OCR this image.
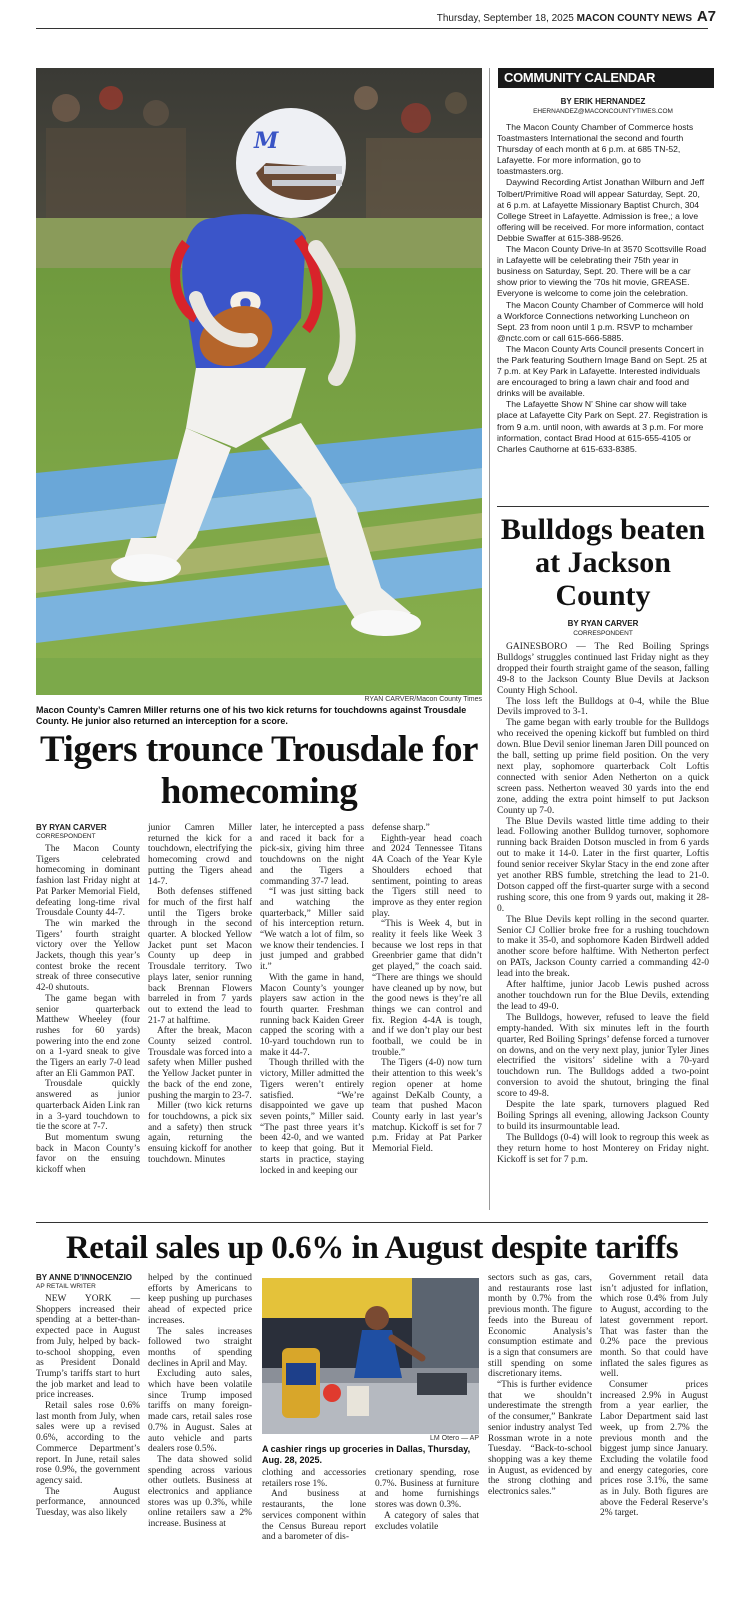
Thursday, September 18, 2025 MACON COUNTY NEWS A7
M
RYAN CARVER/Macon County Times
Macon County’s Camren Miller returns one of his two kick returns for touchdowns against Trousdale County. He junior also returned an interception for a score.
COMMUNITY CALENDAR
BY ERIK HERNANDEZ
EHERNANDEZ@MACONCOUNTYTIMES.COM

The Macon County Chamber of Commerce hosts Toastmasters International the second and fourth Thursday of each month at 6 p.m. at 685 TN-52, Lafayette. For more information, go to toastmasters.org.

Daywind Recording Artist Jonathan Wilburn and Jeff Tolbert/Primitive Road will appear Saturday, Sept. 20, at 6 p.m. at Lafayette Missionary Baptist Church, 304 College Street in Lafayette. Admission is free,; a love offering will be received. For more information, contact Debbie Swaffer at 615-388-9526.

The Macon County Drive-In at 3570 Scottsville Road in Lafayette will be celebrating their 75th year in business on Saturday, Sept. 20. There will be a car show prior to viewing the ’70s hit movie, GREASE. Everyone is welcome to come join the celebration.

The Macon County Chamber of Commerce will hold a Workforce Connections networking Luncheon on Sept. 23 from noon until 1 p.m. RSVP to mchamber @nctc.com or call 615-666-5885.

The Macon County Arts Council presents Concert in the Park featuring Southern Image Band on Sept. 25 at 7 p.m. at Key Park in Lafayette. Interested individuals are encouraged to bring a lawn chair and food and drinks will be available.

The Lafayette Show N’ Shine car show will take place at Lafayette City Park on Sept. 27. Registration is from 9 a.m. until noon, with awards at 3 p.m. For more information, contact Brad Hood at 615-655-4105 or Charles Cauthorne at 615-633-8385.

Bulldogs beaten at Jackson County
BY RYAN CARVER
CORRESPONDENT

GAINESBORO — The Red Boiling Springs Bulldogs’ struggles continued last Friday night as they dropped their fourth straight game of the season, falling 49-8 to the Jackson County Blue Devils at Jackson County High School.

The loss left the Bulldogs at 0-4, while the Blue Devils improved to 3-1.

The game began with early trouble for the Bulldogs who received the opening kickoff but fumbled on third down. Blue Devil senior lineman Jaren Dill pounced on the ball, setting up prime field position. On the very next play, sophomore quarterback Colt Loftis connected with senior Aden Netherton on a quick screen pass. Netherton weaved 30 yards into the end zone, adding the extra point himself to put Jackson County up 7-0.

The Blue Devils wasted little time adding to their lead. Following another Bulldog turnover, sophomore running back Braiden Dotson muscled in from 6 yards out to make it 14-0. Later in the first quarter, Loftis found senior receiver Skylar Stacy in the end zone after yet another RBS fumble, stretching the lead to 21-0. Dotson capped off the first-quarter surge with a second rushing score, this one from 9 yards out, making it 28-0.

The Blue Devils kept rolling in the second quarter. Senior CJ Collier broke free for a rushing touchdown to make it 35-0, and sophomore Kaden Birdwell added another score before halftime. With Netherton perfect on PATs, Jackson County carried a commanding 42-0 lead into the break.

After halftime, junior Jacob Lewis pushed across another touchdown run for the Blue Devils, extending the lead to 49-0.

The Bulldogs, however, refused to leave the field empty-handed. With six minutes left in the fourth quarter, Red Boiling Springs’ defense forced a turnover on downs, and on the very next play, junior Tyler Jines electrified the visitors’ sideline with a 70-yard touchdown run. The Bulldogs added a two-point conversion to avoid the shutout, bringing the final score to 49-8.

Despite the late spark, turnovers plagued Red Boiling Springs all evening, allowing Jackson County to build its insurmountable lead.

The Bulldogs (0-4) will look to regroup this week as they return home to host Monterey on Friday night. Kickoff is set for 7 p.m.

Tigers trounce Trousdale for homecoming

BY RYAN CARVER
CORRESPONDENT

The Macon County Tigers celebrated homecoming in dominant fashion last Friday night at Pat Parker Memorial Field, defeating long-time rival Trousdale County 44-7.

The win marked the Tigers’ fourth straight victory over the Yellow Jackets, though this year’s contest broke the recent streak of three consecutive 42-0 shutouts.

The game began with senior quarterback Matthew Wheeley (four rushes for 60 yards) powering into the end zone on a 1-yard sneak to give the Tigers an early 7-0 lead after an Eli Gammon PAT.

Trousdale quickly answered as junior quarterback Aiden Link ran in a 3-yard touchdown to tie the score at 7-7.

But momentum swung back in Macon County’s favor on the ensuing kickoff when

junior Camren Miller returned the kick for a touchdown, electrifying the homecoming crowd and putting the Tigers ahead 14-7.

Both defenses stiffened for much of the first half until the Tigers broke through in the second quarter. A blocked Yellow Jacket punt set Macon County up deep in Trousdale territory. Two plays later, senior running back Brennan Flowers barreled in from 7 yards out to extend the lead to 21-7 at halftime.

After the break, Macon County seized control. Trousdale was forced into a safety when Miller pushed the Yellow Jacket punter in the back of the end zone, pushing the margin to 23-7.

Miller (two kick returns for touchdowns, a pick six and a safety) then struck again, returning the ensuing kickoff for another touchdown. Minutes

later, he intercepted a pass and raced it back for a pick-six, giving him three touchdowns on the night and the Tigers a commanding 37-7 lead.

“I was just sitting back and watching the quarterback,” Miller said of his interception return. “We watch a lot of film, so we know their tendencies. I just jumped and grabbed it.”

With the game in hand, Macon County’s younger players saw action in the fourth quarter. Freshman running back Kaiden Greer capped the scoring with a 10-yard touchdown run to make it 44-7.

Though thrilled with the victory, Miller admitted the Tigers weren’t entirely satisfied. “We’re disappointed we gave up seven points,” Miller said. “The past three years it’s been 42-0, and we wanted to keep that going. But it starts in practice, staying locked in and keeping our

defense sharp.”

Eighth-year head coach and 2024 Tennessee Titans 4A Coach of the Year Kyle Shoulders echoed that sentiment, pointing to areas the Tigers still need to improve as they enter region play.

“This is Week 4, but in reality it feels like Week 3 because we lost reps in that Greenbrier game that didn’t get played,” the coach said. “There are things we should have cleaned up by now, but the good news is they’re all things we can control and fix. Region 4-4A is tough, and if we don’t play our best football, we could be in trouble.”

The Tigers (4-0) now turn their attention to this week’s region opener at home against DeKalb County, a team that pushed Macon County early in last year’s matchup. Kickoff is set for 7 p.m. Friday at Pat Parker Memorial Field.

Retail sales up 0.6% in August despite tariffs

BY ANNE D’INNOCENZIO
AP RETAIL WRITER

NEW YORK — Shoppers increased their spending at a better-than-expected pace in August from July, helped by back-to-school shopping, even as President Donald Trump’s tariffs start to hurt the job market and lead to price increases.

Retail sales rose 0.6% last month from July, when sales were up a revised 0.6%, according to the Commerce Department’s report. In June, retail sales rose 0.9%, the government agency said.

The August performance, announced Tuesday, was also likely

helped by the continued efforts by Americans to keep pushing up purchases ahead of expected price increases.

The sales increases followed two straight months of spending declines in April and May.

Excluding auto sales, which have been volatile since Trump imposed tariffs on many foreign-made cars, retail sales rose 0.7% in August. Sales at auto vehicle and parts dealers rose 0.5%.

The data showed solid spending across various other outlets. Business at electronics and appliance stores was up 0.3%, while online retailers saw a 2% increase. Business at

LM Otero — AP
A cashier rings up groceries in Dallas, Thursday, Aug. 28, 2025.

clothing and accessories retailers rose 1%.

And business at restaurants, the lone services component within the Census Bureau report and a barometer of dis-

cretionary spending, rose 0.7%. Business at furniture and home furnishings stores was down 0.3%.

A category of sales that excludes volatile

sectors such as gas, cars, and restaurants rose last month by 0.7% from the previous month. The figure feeds into the Bureau of Economic Analysis’s consumption estimate and is a sign that consumers are still spending on some discretionary items.

“This is further evidence that we shouldn’t underestimate the strength of the consumer,” Bankrate senior industry analyst Ted Rossman wrote in a note Tuesday. “Back-to-school shopping was a key theme in August, as evidenced by the strong clothing and electronics sales.”

Government retail data isn’t adjusted for inflation, which rose 0.4% from July to August, according to the latest government report. That was faster than the 0.2% pace the previous month. So that could have inflated the sales figures as well.

Consumer prices increased 2.9% in August from a year earlier, the Labor Department said last week, up from 2.7% the previous month and the biggest jump since January. Excluding the volatile food and energy categories, core prices rose 3.1%, the same as in July. Both figures are above the Federal Reserve’s 2% target.
